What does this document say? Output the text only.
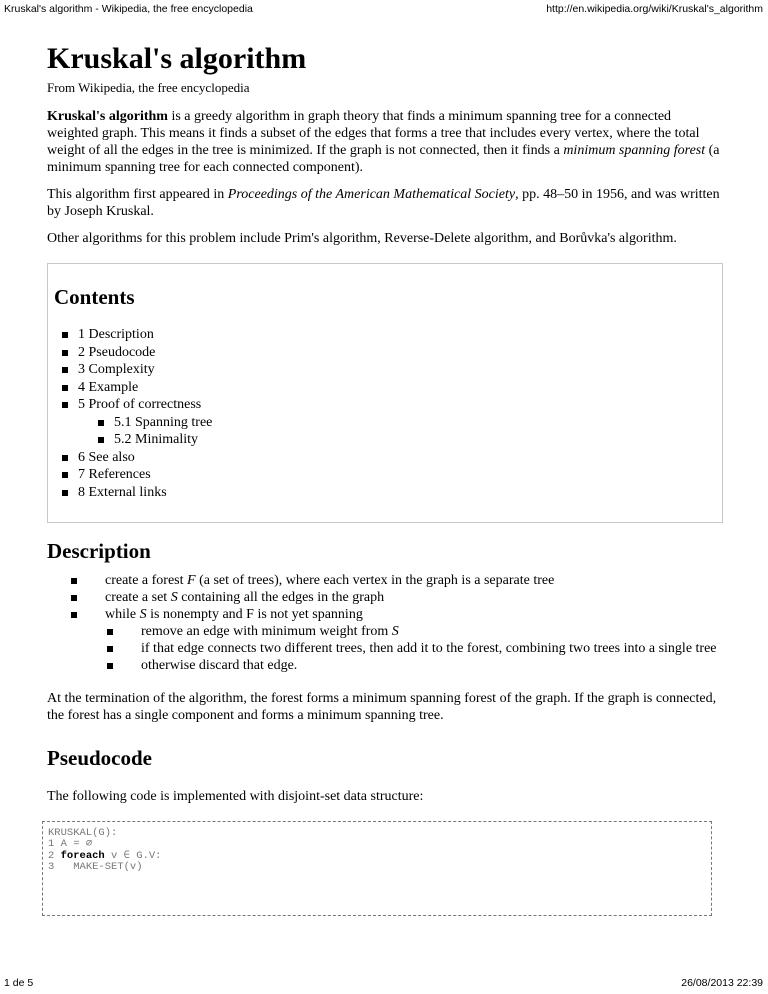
Kruskal's algorithm - Wikipedia, the free encyclopedia	http://en.wikipedia.org/wiki/Kruskal's_algorithm
Kruskal's algorithm
From Wikipedia, the free encyclopedia

Kruskal's algorithm is a greedy algorithm in graph theory that finds a minimum spanning tree for a connected weighted graph. This means it finds a subset of the edges that forms a tree that includes every vertex, where the total weight of all the edges in the tree is minimized. If the graph is not connected, then it finds a minimum spanning forest (a minimum spanning tree for each connected component).

This algorithm first appeared in Proceedings of the American Mathematical Society, pp. 48–50 in 1956, and was written by Joseph Kruskal.

Other algorithms for this problem include Prim's algorithm, Reverse-Delete algorithm, and Borůvka's algorithm.

Contents
1 Description
2 Pseudocode
3 Complexity
4 Example
5 Proof of correctness
5.1 Spanning tree
5.2 Minimality
6 See also
7 References
8 External links
Description
create a forest F (a set of trees), where each vertex in the graph is a separate tree
create a set S containing all the edges in the graph
while S is nonempty and F is not yet spanning
remove an edge with minimum weight from S
if that edge connects two different trees, then add it to the forest, combining two trees into a single tree
otherwise discard that edge.

At the termination of the algorithm, the forest forms a minimum spanning forest of the graph. If the graph is connected, the forest has a single component and forms a minimum spanning tree.

Pseudocode

The following code is implemented with disjoint-set data structure:

KRUSKAL(G):
1 A = ∅
2 foreach v ∈ G.V:
3   MAKE-SET(v)
1 de 5	26/08/2013 22:39
